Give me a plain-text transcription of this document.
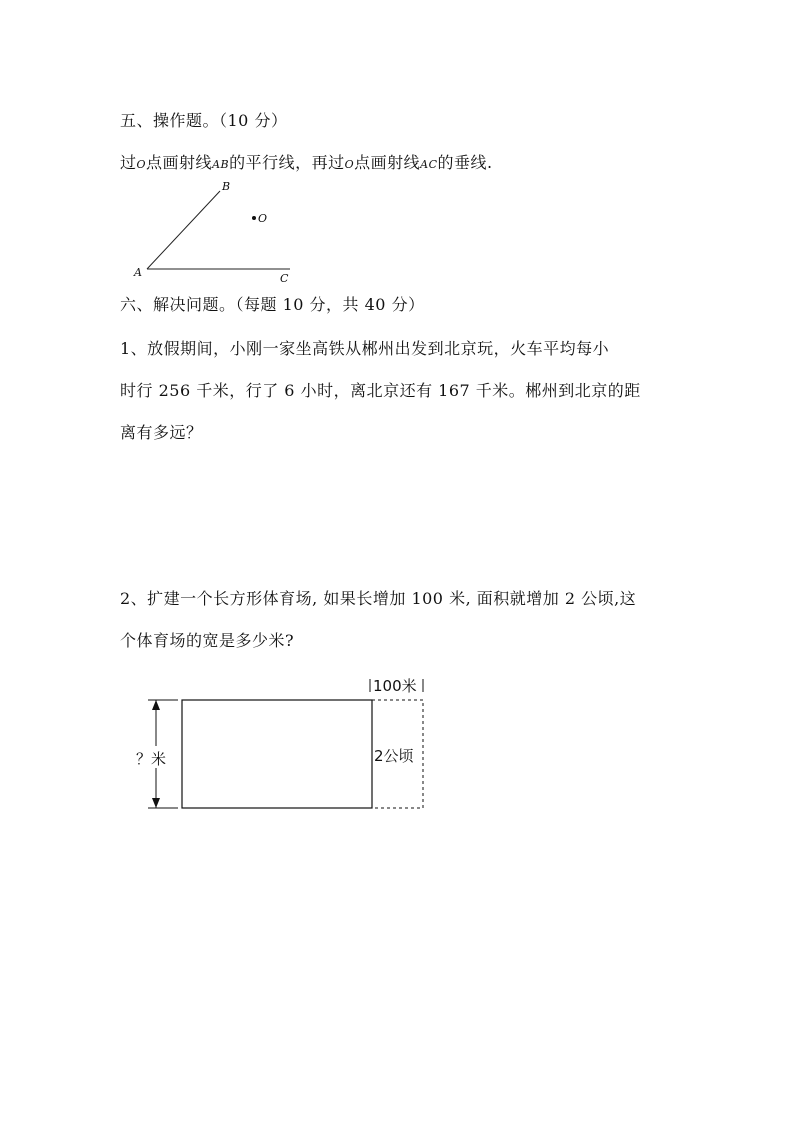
五、操作题。（10 分）
过O点画射线AB的平行线，再过O点画射线AC的垂线.
A
B
C
O
六、解决问题。（每题 10 分，共 40 分）
1、放假期间，小刚一家坐高铁从郴州出发到北京玩，火车平均每小
时行 256 千米，行了 6 小时，离北京还有 167 千米。郴州到北京的距
离有多远？
2、扩建一个长方形体育场, 如果长增加 100 米, 面积就增加 2 公顷,这
个体育场的宽是多少米?
？米
100米
2公顷
